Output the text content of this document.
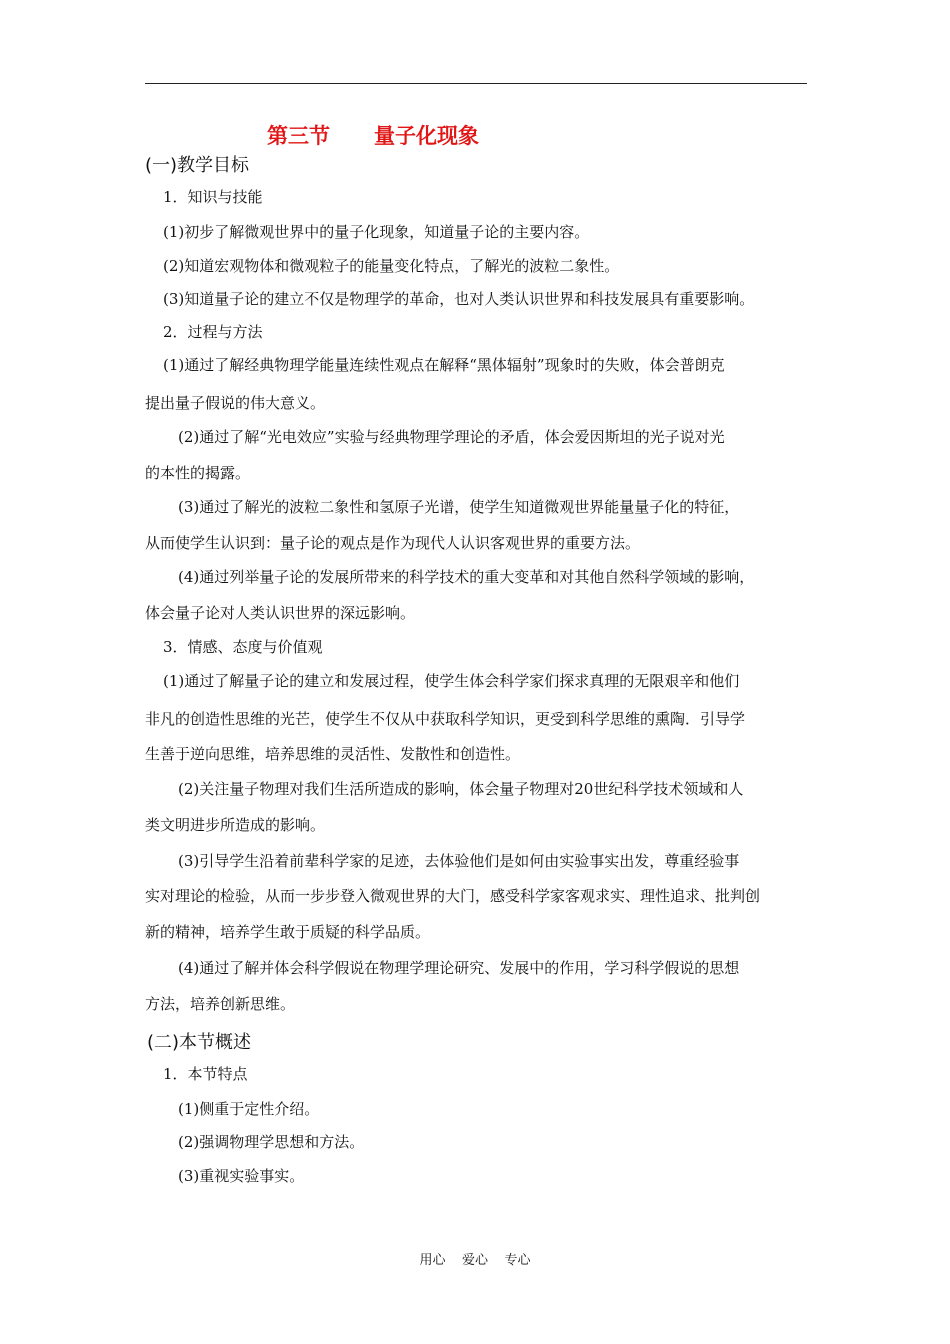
第三节 量子化现象
(一)教学目标
1．知识与技能
(1)初步了解微观世界中的量子化现象，知道量子论的主要内容。
(2)知道宏观物体和微观粒子的能量变化特点，了解光的波粒二象性。
(3)知道量子论的建立不仅是物理学的革命，也对人类认识世界和科技发展具有重要影响。
2．过程与方法
(1)通过了解经典物理学能量连续性观点在解释“黑体辐射”现象时的失败，体会普朗克
提出量子假说的伟大意义。
(2)通过了解“光电效应”实验与经典物理学理论的矛盾，体会爱因斯坦的光子说对光
的本性的揭露。
(3)通过了解光的波粒二象性和氢原子光谱，使学生知道微观世界能量量子化的特征，
从而使学生认识到：量子论的观点是作为现代人认识客观世界的重要方法。
(4)通过列举量子论的发展所带来的科学技术的重大变革和对其他自然科学领域的影响，
体会量子论对人类认识世界的深远影响。
3．情感、态度与价值观
(1)通过了解量子论的建立和发展过程，使学生体会科学家们探求真理的无限艰辛和他们
非凡的创造性思维的光芒，使学生不仅从中获取科学知识，更受到科学思维的熏陶．引导学
生善于逆向思维，培养思维的灵活性、发散性和创造性。
(2)关注量子物理对我们生活所造成的影响，体会量子物理对20世纪科学技术领域和人
类文明进步所造成的影响。
(3)引导学生沿着前辈科学家的足迹，去体验他们是如何由实验事实出发，尊重经验事
实对理论的检验，从而一步步登入微观世界的大门，感受科学家客观求实、理性追求、批判创
新的精神，培养学生敢于质疑的科学品质。
(4)通过了解并体会科学假说在物理学理论研究、发展中的作用，学习科学假说的思想
方法，培养创新思维。
(二)本节概述
1．本节特点
(1)侧重于定性介绍。
(2)强调物理学思想和方法。
(3)重视实验事实。
用心    爱心    专心
